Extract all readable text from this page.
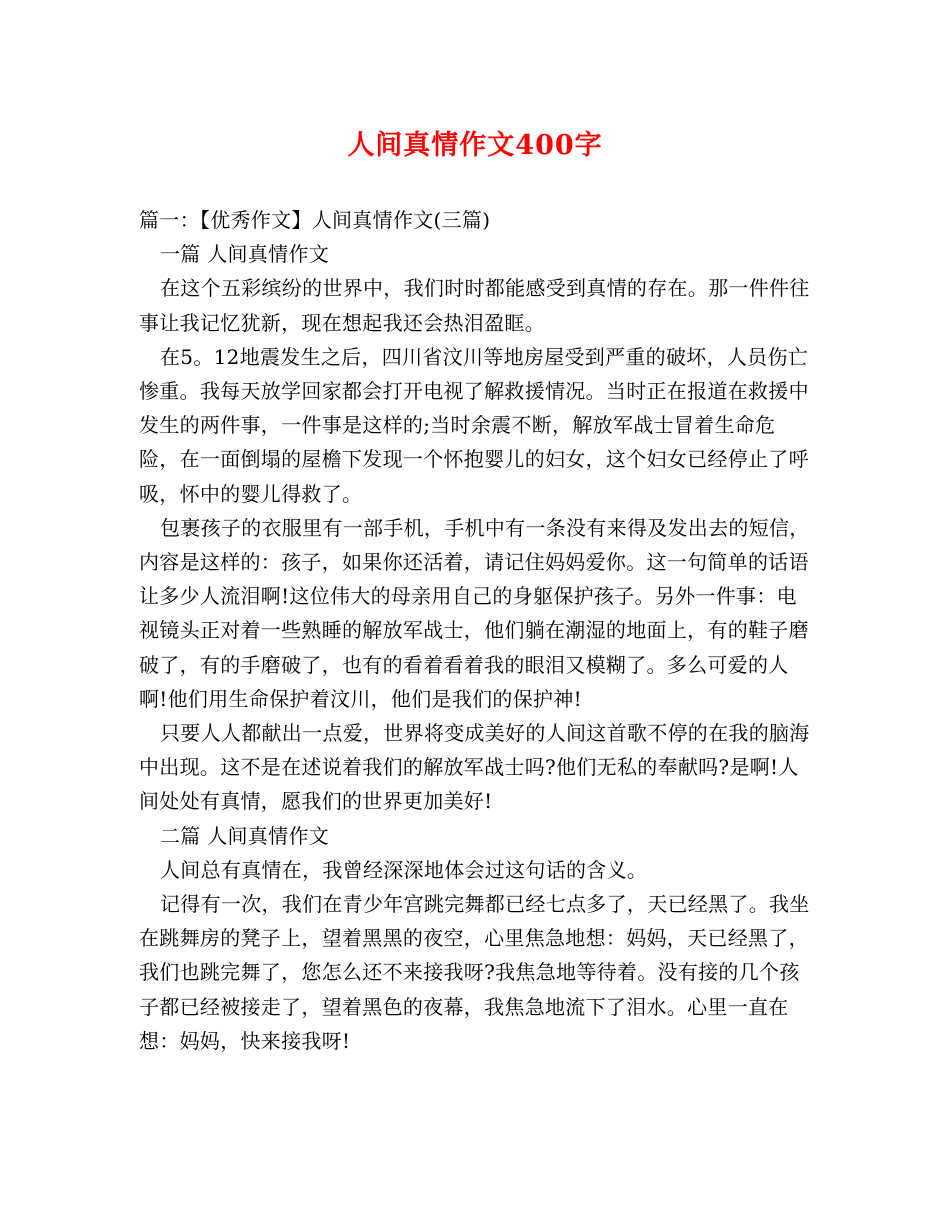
人间真情作文400字

篇一：【优秀作文】人间真情作文(三篇)

一篇 人间真情作文

在这个五彩缤纷的世界中，我们时时都能感受到真情的存在。那一件件往事让我记忆犹新，现在想起我还会热泪盈眶。

在5。12地震发生之后，四川省汶川等地房屋受到严重的破坏，人员伤亡惨重。我每天放学回家都会打开电视了解救援情况。当时正在报道在救援中发生的两件事，一件事是这样的;当时余震不断，解放军战士冒着生命危险，在一面倒塌的屋檐下发现一个怀抱婴儿的妇女，这个妇女已经停止了呼吸，怀中的婴儿得救了。

包裹孩子的衣服里有一部手机，手机中有一条没有来得及发出去的短信，内容是这样的：孩子，如果你还活着，请记住妈妈爱你。这一句简单的话语让多少人流泪啊!这位伟大的母亲用自己的身躯保护孩子。另外一件事：电视镜头正对着一些熟睡的解放军战士，他们躺在潮湿的地面上，有的鞋子磨破了，有的手磨破了，也有的看着看着我的眼泪又模糊了。多么可爱的人啊!他们用生命保护着汶川，他们是我们的保护神!

只要人人都献出一点爱，世界将变成美好的人间这首歌不停的在我的脑海中出现。这不是在述说着我们的解放军战士吗?他们无私的奉献吗?是啊!人间处处有真情，愿我们的世界更加美好!

二篇 人间真情作文

人间总有真情在，我曾经深深地体会过这句话的含义。

记得有一次，我们在青少年宫跳完舞都已经七点多了，天已经黑了。我坐在跳舞房的凳子上，望着黑黑的夜空，心里焦急地想：妈妈，天已经黑了，我们也跳完舞了，您怎么还不来接我呀?我焦急地等待着。没有接的几个孩子都已经被接走了，望着黑色的夜幕，我焦急地流下了泪水。心里一直在想：妈妈，快来接我呀!
